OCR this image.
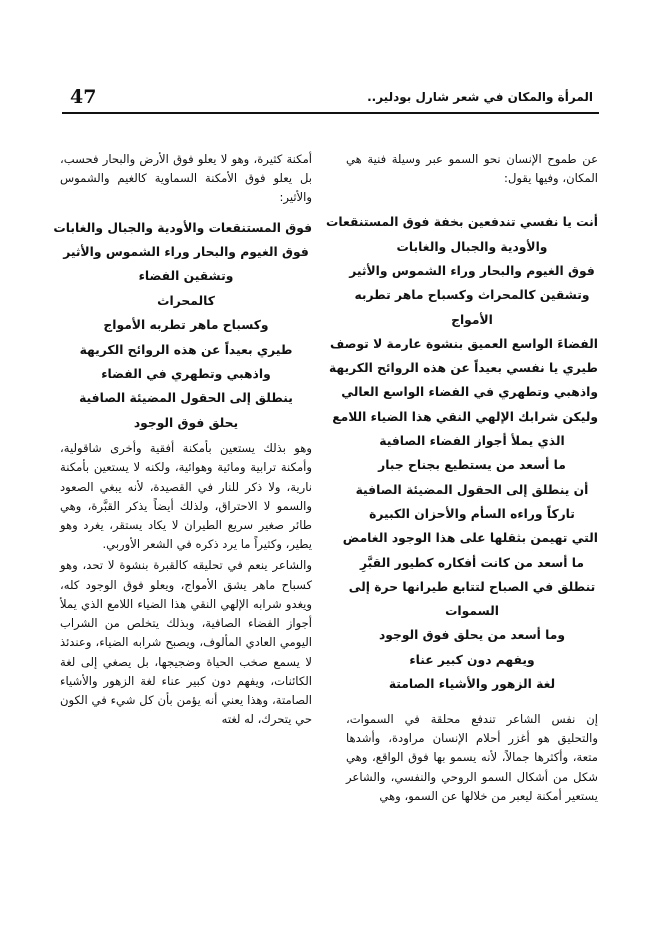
47	المرأة والمكان في شعر شارل بودلير..

عن طموح الإنسان نحو السمو عبر وسيلة فنية هي المكان، وفيها يقول:

أنت يا نفسي تندفعين بخفة فوق المستنقعات
والأودية والجبال والغابات
فوق الغيوم والبحار وراء الشموس والأثير
وتشقين كالمحراث وكسباح ماهر تطربه
الأمواج
الفضاءَ الواسع العميق بنشوة عارمة لا توصف
طيري يا نفسي بعيداً عن هذه الروائح الكريهة
واذهبي وتطهري في الفضاء الواسع العالي
وليكن شرابك الإلهي النقي هذا الضياء اللامع
الذي يملأ أجواز الفضاء الصافية
ما أسعد من يستطيع بجناح جبار
أن ينطلق إلى الحقول المضيئة الصافية
تاركاً وراءه السأم والأحزان الكبيرة
التي تهيمن بثقلها على هذا الوجود الغامض
ما أسعد من كانت أفكاره كطيور القبَّرِ
تنطلق في الصباح لتتابع طيرانها حرة إلى
السموات
وما أسعد من يحلق فوق الوجود
ويفهم دون كبير عناء
لغة الزهور والأشياء الصامتة

إن نفس الشاعر تندفع محلقة في السموات، والتحليق هو أغزر أحلام الإنسان مراودة، وأشدها متعة، وأكثرها جمالاً، لأنه يسمو بها فوق الواقع، وهي شكل من أشكال السمو الروحي والنفسي، والشاعر يستعير أمكنة ليعبر من خلالها عن السمو، وهي

أمكنة كثيرة، وهو لا يعلو فوق الأرض والبحار فحسب، بل يعلو فوق الأمكنة السماوية كالغيم والشموس والأثير:

فوق المستنقعات والأودية والجبال والغابات
فوق الغيوم والبحار وراء الشموس والأثير
وتشقين الفضاء
كالمحراث
وكسباح ماهر تطربه الأمواج
طيري بعيداً عن هذه الروائح الكريهة
واذهبي وتطهري في الفضاء
ينطلق إلى الحقول المضيئة الصافية
يحلق فوق الوجود

وهو بذلك يستعين بأمكنة أفقية وأخرى شاقولية، وأمكنة ترابية ومائية وهوائية، ولكنه لا يستعين بأمكنة نارية، ولا ذكر للنار في القصيدة، لأنه يبغي الصعود والسمو لا الاحتراق، ولذلك أيضاً يذكر القبَّرة، وهي طائر صغير سريع الطيران لا يكاد يستقر، يغرد وهو يطير، وكثيراً ما يرد ذكره في الشعر الأوربي.

والشاعر ينعم في تحليقه كالقبرة بنشوة لا تحد، وهو كسباح ماهر يشق الأمواج، ويعلو فوق الوجود كله، ويغدو شرابه الإلهي النقي هذا الضياء اللامع الذي يملأ أجواز الفضاء الصافية، وبذلك يتخلص من الشراب اليومي العادي المألوف، ويصبح شرابه الضياء، وعندئذ لا يسمع صخب الحياة وضجيجها، بل يصغي إلى لغة الكائنات، ويفهم دون كبير عناء لغة الزهور والأشياء الصامتة، وهذا يعني أنه يؤمن بأن كل شيء في الكون حي يتحرك، له لغته
